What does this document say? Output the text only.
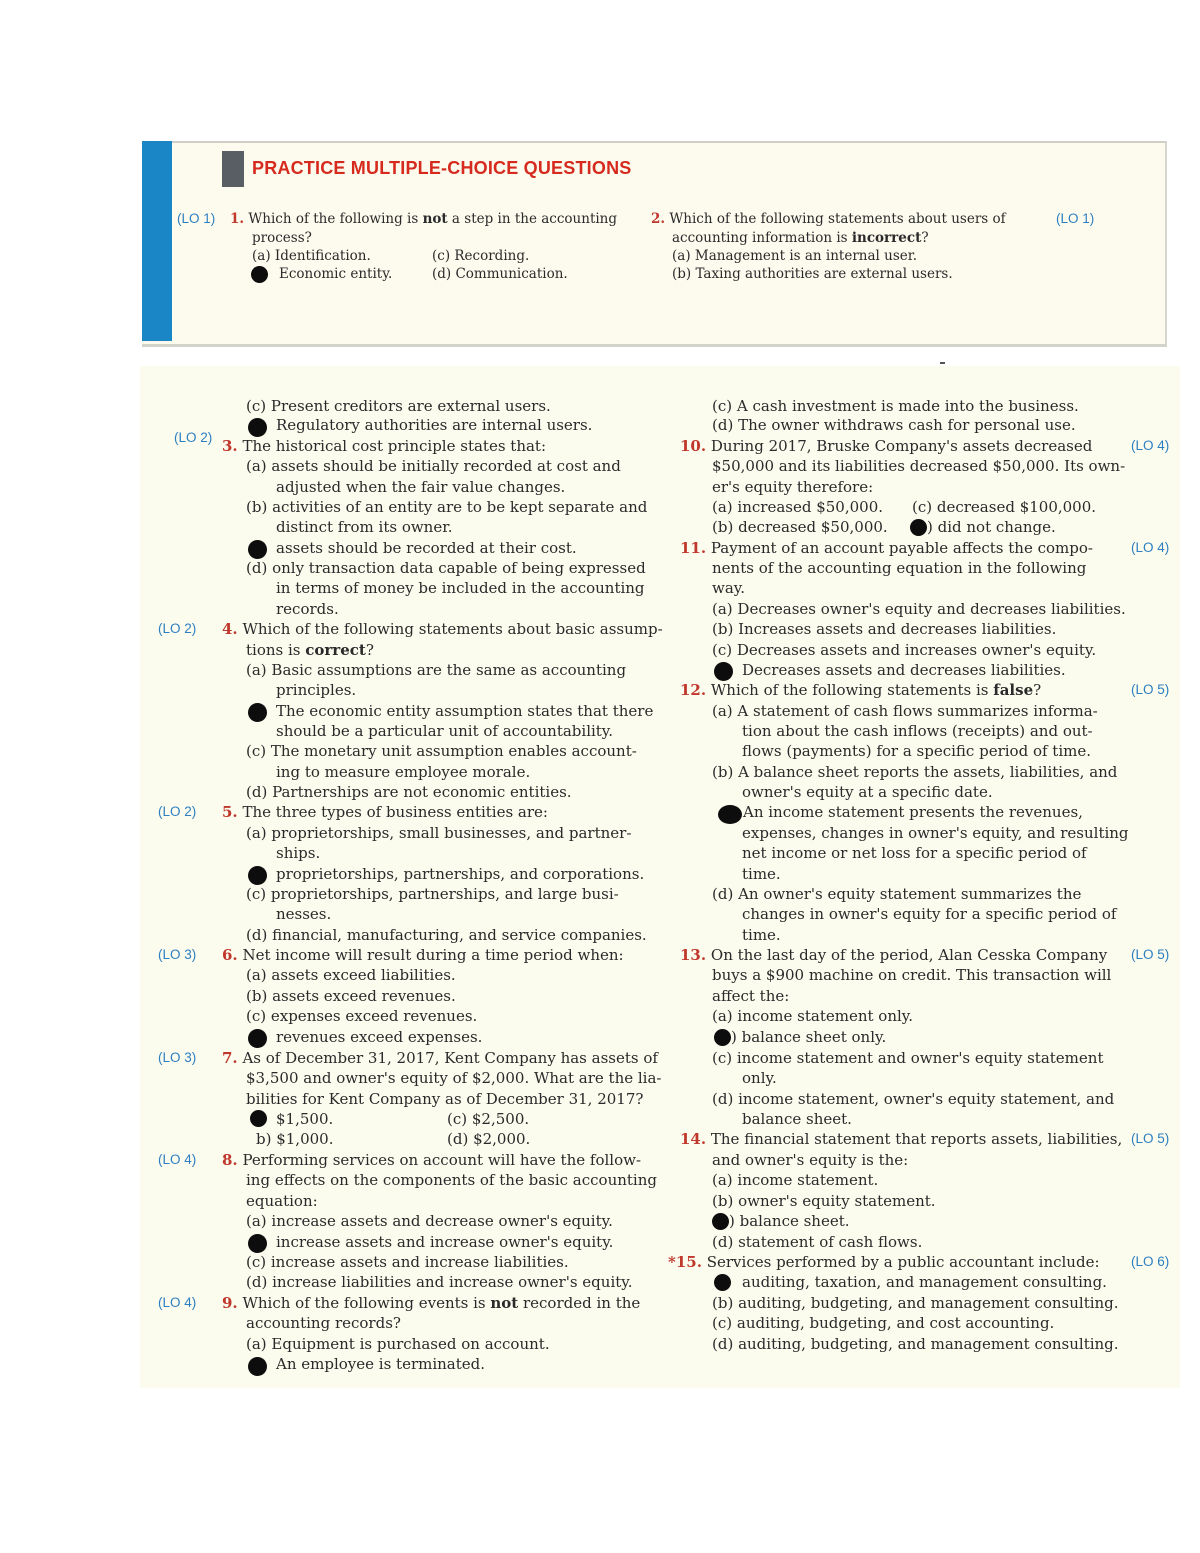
PRACTICE MULTIPLE-CHOICE QUESTIONS
(LO 1) 1. Which of the following is not a step in the accounting
process?
(a) Identification.	(c) Recording.
Economic entity.	(d) Communication.
2. Which of the following statements about users of	(LO 1)
accounting information is incorrect?
(a) Management is an internal user.
(b) Taxing authorities are external users.
(c) Present creditors are external users.
Regulatory authorities are internal users.
(LO 2) 3. The historical cost principle states that:
(a) assets should be initially recorded at cost and
adjusted when the fair value changes.
(b) activities of an entity are to be kept separate and
distinct from its owner.
assets should be recorded at their cost.
(d) only transaction data capable of being expressed
in terms of money be included in the accounting
records.
(LO 2) 4. Which of the following statements about basic assump-
tions is correct?
(a) Basic assumptions are the same as accounting
principles.
The economic entity assumption states that there
should be a particular unit of accountability.
(c) The monetary unit assumption enables account-
ing to measure employee morale.
(d) Partnerships are not economic entities.
(LO 2) 5. The three types of business entities are:
(a) proprietorships, small businesses, and partner-
ships.
proprietorships, partnerships, and corporations.
(c) proprietorships, partnerships, and large busi-
nesses.
(d) financial, manufacturing, and service companies.
(LO 3) 6. Net income will result during a time period when:
(a) assets exceed liabilities.
(b) assets exceed revenues.
(c) expenses exceed revenues.
revenues exceed expenses.
(LO 3) 7. As of December 31, 2017, Kent Company has assets of
$3,500 and owner's equity of $2,000. What are the lia-
bilities for Kent Company as of December 31, 2017?
$1,500.	(c) $2,500.
b) $1,000.	(d) $2,000.
(LO 4) 8. Performing services on account will have the follow-
ing effects on the components of the basic accounting
equation:
(a) increase assets and decrease owner's equity.
increase assets and increase owner's equity.
(c) increase assets and increase liabilities.
(d) increase liabilities and increase owner's equity.
(LO 4) 9. Which of the following events is not recorded in the
accounting records?
(a) Equipment is purchased on account.
An employee is terminated.
(c) A cash investment is made into the business.
(d) The owner withdraws cash for personal use.
10. During 2017, Bruske Company's assets decreased	(LO 4)
$50,000 and its liabilities decreased $50,000. Its own-
er's equity therefore:
(a) increased $50,000. (c) decreased $100,000.
(b) decreased $50,000.	) did not change.
11. Payment of an account payable affects the compo-	(LO 4)
nents of the accounting equation in the following
way.
(a) Decreases owner's equity and decreases liabilities.
(b) Increases assets and decreases liabilities.
(c) Decreases assets and increases owner's equity.
Decreases assets and decreases liabilities.
12. Which of the following statements is false?	(LO 5)
(a) A statement of cash flows summarizes informa-
tion about the cash inflows (receipts) and out-
flows (payments) for a specific period of time.
(b) A balance sheet reports the assets, liabilities, and
owner's equity at a specific date.
An income statement presents the revenues,
expenses, changes in owner's equity, and resulting
net income or net loss for a specific period of
time.
(d) An owner's equity statement summarizes the
changes in owner's equity for a specific period of
time.
13. On the last day of the period, Alan Cesska Company (LO 5)
buys a $900 machine on credit. This transaction will
affect the:
(a) income statement only.
) balance sheet only.
(c) income statement and owner's equity statement
only.
(d) income statement, owner's equity statement, and
balance sheet.
14. The financial statement that reports assets, liabilities, (LO 5)
and owner's equity is the:
(a) income statement.
(b) owner's equity statement.
) balance sheet.
(d) statement of cash flows.
*15. Services performed by a public accountant include: (LO 6)
auditing, taxation, and management consulting.
(b) auditing, budgeting, and management consulting.
(c) auditing, budgeting, and cost accounting.
(d) auditing, budgeting, and management consulting.
